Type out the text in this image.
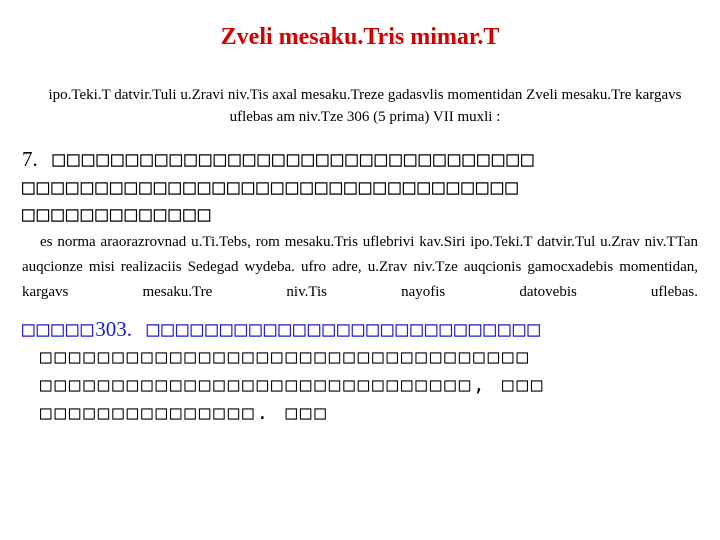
Zveli mesaku.Tris mimar.T
ipo.Teki.T datvir.Tuli u.Zravi niv.Tis axal mesaku.Treze gadasvlis momentidan Zveli mesaku.Tre kargavs
uflebas am niv.Tze 306 (5 prima) VII muxli :
7. □□□□□□□□□□□□□□□□□□□□□□□□□□□□□□□□□
□□□□□□□□□□□□□□□□□□□□□□□□□□□□□□□□□□
□□□□□□□□□□□□□
es norma araorazrovnad u.Ti.Tebs, rom mesaku.Tris uflebrivi kav.Siri ipo.Teki.T datvir.Tul u.Zrav niv.TTan auqcionze misi realizaciis Sedegad wydeba. ufro adre, u.Zrav niv.Tze auqcionis gamocxadebis momentidan, kargavs mesaku.Tre niv.Tis nayofis datovebis uflebas.
□□□□□303. □□□□□□□□□□□□□□□□□□□□□□□□□□□
□□□□□□□□□□□□□□□□□□□□□□□□□□□□□□□□□□
□□□□□□□□□□□□□□□□□□□□□□□□□□□□□□, □□□
□□□□□□□□□□□□□□□. □□□
